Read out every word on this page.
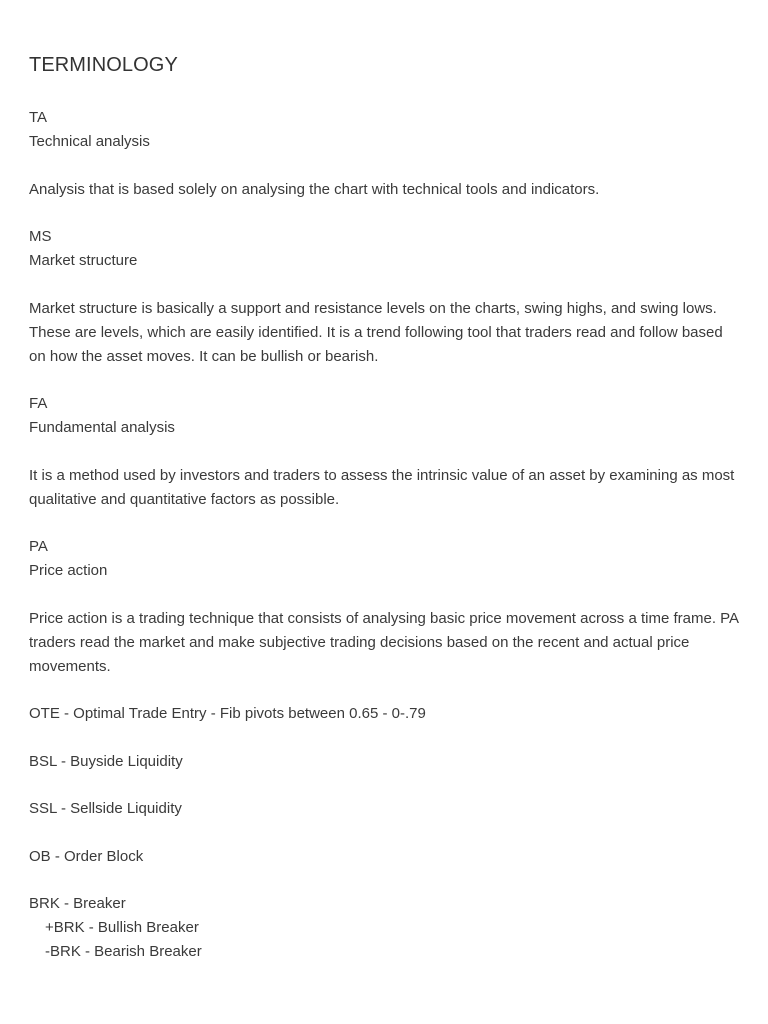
TERMINOLOGY

TA

Technical analysis

Analysis that is based solely on analysing the chart with technical tools and indicators.

MS

Market structure

Market structure is basically a support and resistance levels on the charts, swing highs, and swing lows. These are levels, which are easily identified. It is a trend following tool that traders read and follow based on how the asset moves. It can be bullish or bearish.

FA

Fundamental analysis

It is a method used by investors and traders to assess the intrinsic value of an asset by examining as most qualitative and quantitative factors as possible.

PA

Price action

Price action is a trading technique that consists of analysing basic price movement across a time frame. PA traders read the market and make subjective trading decisions based on the recent and actual price movements.

OTE - Optimal Trade Entry - Fib pivots between 0.65 - 0-.79

BSL - Buyside Liquidity

SSL - Sellside Liquidity

OB - Order Block

BRK - Breaker

+BRK - Bullish Breaker

-BRK - Bearish Breaker
